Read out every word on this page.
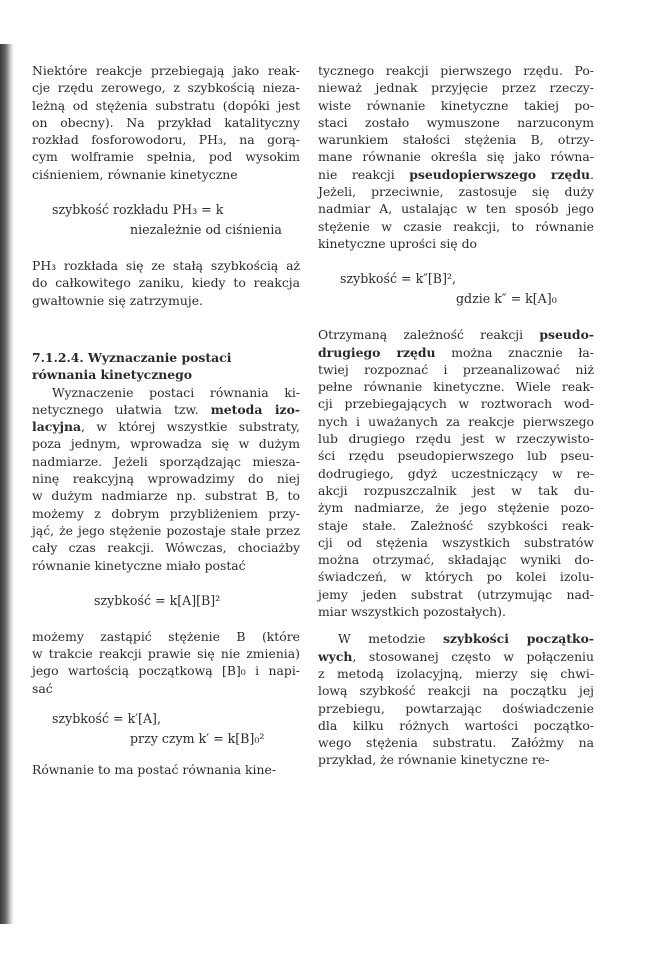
Niektóre reakcje przebiegają jako reak-
cje rzędu zerowego, z szybkością nieza-
leżną od stężenia substratu (dopóki jest
on obecny). Na przykład katalityczny
rozkład fosforowodoru, PH₃, na gorą-
cym wolframie spełnia, pod wysokim
ciśnieniem, równanie kinetyczne
szybkość rozkładu PH₃ = k
niezależnie od ciśnienia
PH₃ rozkłada się ze stałą szybkością aż
do całkowitego zaniku, kiedy to reakcja
gwałtownie się zatrzymuje.
7.1.2.4. Wyznaczanie postaci
równania kinetycznego
Wyznaczenie postaci równania ki-
netycznego ułatwia tzw. metoda izo-
lacyjna, w której wszystkie substraty,
poza jednym, wprowadza się w dużym
nadmiarze. Jeżeli sporządzając miesza-
ninę reakcyjną wprowadzimy do niej
w dużym nadmiarze np. substrat B, to
możemy z dobrym przybliżeniem przy-
jąć, że jego stężenie pozostaje stałe przez
cały czas reakcji. Wówczas, chociażby
równanie kinetyczne miało postać
szybkość = k[A][B]²
możemy zastąpić stężenie B (które
w trakcie reakcji prawie się nie zmienia)
jego wartością początkową [B]₀ i napi-
sać
szybkość = k′[A],
przy czym k′ = k[B]₀²
Równanie to ma postać równania kine-
tycznego reakcji pierwszego rzędu. Po-
nieważ jednak przyjęcie przez rzeczy-
wiste równanie kinetyczne takiej po-
staci zostało wymuszone narzuconym
warunkiem stałości stężenia B, otrzy-
mane równanie określa się jako równa-
nie reakcji pseudopierwszego rzędu.
Jeżeli, przeciwnie, zastosuje się duży
nadmiar A, ustalając w ten sposób jego
stężenie w czasie reakcji, to równanie
kinetyczne uprości się do
szybkość = k″[B]²,
gdzie k″ = k[A]₀
Otrzymaną zależność reakcji pseudo-
drugiego rzędu można znacznie ła-
twiej rozpoznać i przeanalizować niż
pełne równanie kinetyczne. Wiele reak-
cji przebiegających w roztworach wod-
nych i uważanych za reakcje pierwszego
lub drugiego rzędu jest w rzeczywisto-
ści rzędu pseudopierwszego lub pseu-
dodrugiego, gdyż uczestniczący w re-
akcji rozpuszczalnik jest w tak du-
żym nadmiarze, że jego stężenie pozo-
staje stałe. Zależność szybkości reak-
cji od stężenia wszystkich substratów
można otrzymać, składając wyniki do-
świadczeń, w których po kolei izolu-
jemy jeden substrat (utrzymując nad-
miar wszystkich pozostałych).
W metodzie szybkości początko-
wych, stosowanej często w połączeniu
z metodą izolacyjną, mierzy się chwi-
lową szybkość reakcji na początku jej
przebiegu, powtarzając doświadczenie
dla kilku różnych wartości początko-
wego stężenia substratu. Załóżmy na
przykład, że równanie kinetyczne re-
